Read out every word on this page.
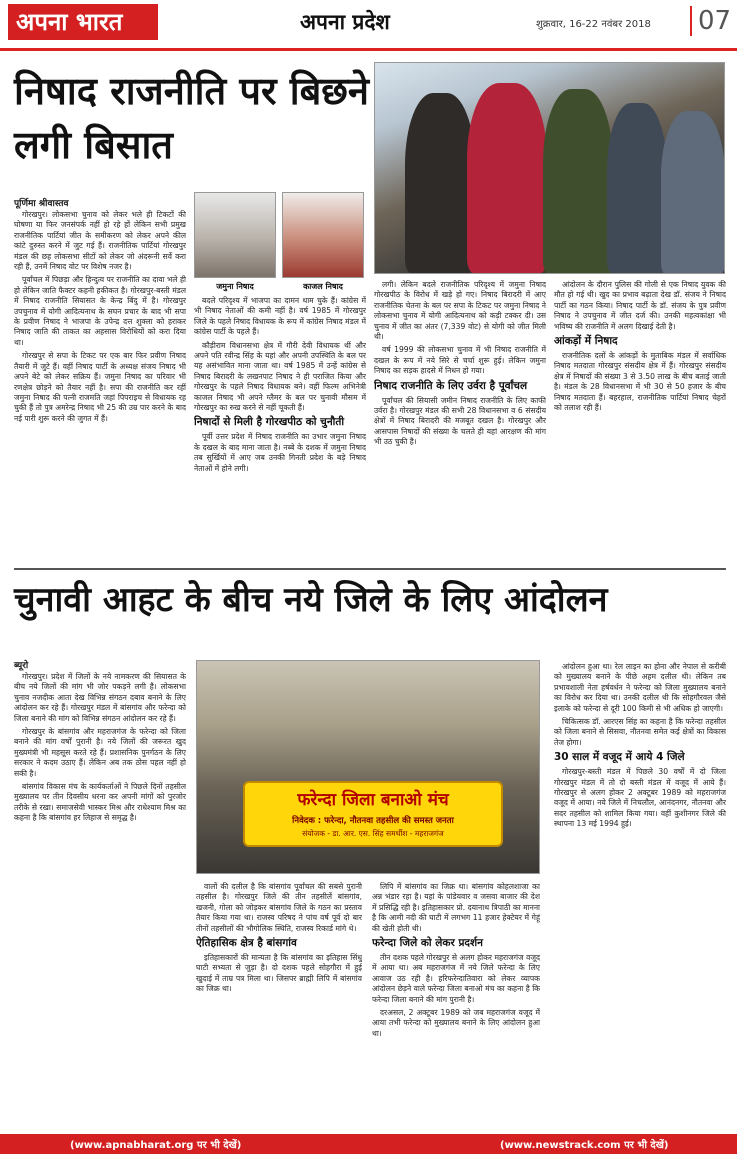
अपना भारत	अपना प्रदेश	शुक्रवार, 16-22 नवंबर 2018	07
निषाद राजनीति पर बिछने लगी बिसात
पूर्णिमा श्रीवास्तव
जमुना निषाद	काजल निषाद

गोरखपुर। लोकसभा चुनाव को लेकर भले ही टिकटों की घोषणा या फिर जनसंपर्क नहीं हो रहे हों लेकिन सभी प्रमुख राजनीतिक पार्टियां जीत के समीकरण को लेकर अपने कील कांटे दुरुस्त करने में जुट गई हैं। राजनीतिक पार्टियां गोरखपुर मंडल की छह लोकसभा सीटों को लेकर जो अंदरूनी सर्वे करा रही हैं, उनमें निषाद वोट पर विशेष नजर है।

पूर्वांचल में पिछड़ा और हिन्दुत्व पर राजनीति का दावा भले ही हो लेकिन जाति फैक्टर कहनी हकीकत है। गोरखपुर-बस्ती मंडल में निषाद राजनीति सियासत के केन्द्र बिंदु में है। गोरखपुर उपचुनाव में योगी आदित्यनाथ के सघन प्रचार के बाद भी सपा के प्रवीण निषाद ने भाजपा के उपेन्द्र दत्त शुक्ला को हराकर निषाद जाति की ताकत का अहसास विरोधियों को करा दिया था।

गोरखपुर से सपा के टिकट पर एक बार फिर प्रवीण निषाद तैयारी में जुटे हैं। वहीं निषाद पार्टी के अध्यक्ष संजय निषाद भी अपने बेटे को लेकर सक्रिय हैं। जमुना निषाद का परिवार भी रणक्षेत्र छोड़ने को तैयार नहीं है। सपा की राजनीति कर रहीं जमुना निषाद की पत्नी राजमति जहां पिपराइच से विधायक रह चुकी हैं तो पुत्र अमरेन्द्र निषाद भी 25 की उम्र पार करने के बाद नई पारी शुरू करने की जुगत में हैं।

बदले परिदृश्य में भाजपा का दामन थाम चुके हैं। कांग्रेस में भी निषाद नेताओं की कमी नहीं है। वर्ष 1985 में गोरखपुर जिले के पहले निषाद विधायक के रूप में कांग्रेस निषाद मंडल में कांग्रेस पार्टी के पहले हैं।

कौड़ीराम विधानसभा क्षेत्र में गौरी देवी विधायक थीं और अपने पति रवीन्द्र सिंह के यहां और अपनी उपस्थिति के बल पर यह असंभावित माना जाता था। वर्ष 1985 में उन्हें कांग्रेस से निषाद बिरादरी के लखनपाट निषाद ने ही पराजित किया और गोरखपुर के पहले निषाद विधायक बने। वहीं फिल्म अभिनेत्री काजल निषाद भी अपने ग्लैमर के बल पर चुनावी मौसम में गोरखपुर का रुख करने से नहीं चूकती हैं।

निषादों से मिली है गोरखपीठ को चुनौती

पूर्वी उत्तर प्रदेश में निषाद राजनीति का उभार जमुना निषाद के दखल के बाद माना जाता है। नब्बे के दशक में जमुना निषाद तब सुर्खियों में आए जब उनकी गिनती प्रदेश के बड़े निषाद नेताओं में होने लगी।

लगी। लेकिन बदले राजनीतिक परिदृश्य में जमुना निषाद गोरखपीठ के विरोध में खड़े हो गए। निषाद बिरादरी में आए राजनीतिक चेतना के बल पर सपा के टिकट पर जमुना निषाद ने लोकसभा चुनाव में योगी आदित्यनाथ को कड़ी टक्कर दी। उस चुनाव में जीत का अंतर (7,339 वोट) से योगी को जीत मिली थी।

वर्ष 1999 की लोकसभा चुनाव में भी निषाद राजनीति में दखल के रूप में नये सिरे से चर्चा शुरू हुई। लेकिन जमुना निषाद का सड़क हादसे में निधन हो गया।

निषाद राजनीति के लिए उर्वरा है पूर्वांचल

पूर्वांचल की सियासी जमीन निषाद राजनीति के लिए काफी उर्वरा है। गोरखपुर मंडल की सभी 28 विधानसभा व 6 संसदीय क्षेत्रों में निषाद बिरादरी की मजबूत दखल है। गोरखपुर और आसपास निषादों की संख्या के चलते ही यहां आरक्षण की मांग भी उठ चुकी है।

आंदोलन के दौरान पुलिस की गोली से एक निषाद युवक की मौत हो गई थी। खुद का प्रभाव बढ़ाता देख डॉ. संजय ने निषाद पार्टी का गठन किया। निषाद पार्टी के डॉ. संजय के पुत्र प्रवीण निषाद ने उपचुनाव में जीत दर्ज की। उनकी महत्वकांक्षा भी भविष्य की राजनीति में अलग दिखाई देती है।

आंकड़ों में निषाद

राजनीतिक दलों के आंकड़ों के मुताबिक मंडल में सर्वाधिक निषाद मतदाता गोरखपुर संसदीय क्षेत्र में हैं। गोरखपुर संसदीय क्षेत्र में निषादों की संख्या 3 से 3.50 लाख के बीच बताई जाती है। मंडल के 28 विधानसभा में भी 30 से 50 हजार के बीच निषाद मतदाता हैं। बहरहाल, राजनीतिक पार्टियां निषाद चेहरों को तलाश रही हैं।

चुनावी आहट के बीच नये जिले के लिए आंदोलन
ब्यूरो
फरेन्दा जिला बनाओ मंच
निवेदक : फरेन्दा, नौतनवा तहसील की समस्त जनता
संयोजक - डा. आर. एस. सिंह समर्थीश - महराजगंज

गोरखपुर। प्रदेश में जिलों के नये नामकरण की सियासत के बीच नये जिलों की मांग भी जोर पकड़ने लगी है। लोकसभा चुनाव नजदीक आता देख विभिन्न संगठन दबाव बनाने के लिए आंदोलन कर रहे हैं। गोरखपुर मंडल में बांसगांव और फरेन्दा को जिला बनाने की मांग को विभिन्न संगठन आंदोलन कर रहे हैं।

गोरखपुर के बांसगांव और महराजगंज के फरेन्दा को जिला बनाने की मांग वर्षों पुरानी है। नये जिलों की जरूरत खुद मुख्यमंत्री भी महसूस करते रहे हैं। प्रशासनिक पुनर्गठन के लिए सरकार ने कदम उठाए हैं। लेकिन अब तक ठोस पहल नहीं हो सकी है।

बांसगांव विकास मंच के कार्यकर्ताओं ने पिछले दिनों तहसील मुख्यालय पर तीन दिवसीय धरना कर अपनी मांगों को पुरजोर तरीके से रखा। समाजसेवी भास्कर मिश्र और राधेश्याम मिश्र का कहना है कि बांसगांव हर लिहाज से समृद्ध है।

वालों की दलील है कि बांसगांव पूर्वांचल की सबसे पुरानी तहसील है। गोरखपुर जिले की तीन तहसीलें बांसगांव, खजनी, गोला को जोड़कर बांसगांव जिले के गठन का प्रस्ताव तैयार किया गया था। राजस्व परिषद ने पांच वर्ष पूर्व दो बार तीनों तहसीलों की भौगोलिक स्थिति, राजस्व रिकार्ड मांगे थे।

ऐतिहासिक क्षेत्र है बांसगांव

इतिहासकारों की मान्यता है कि बांसगांव का इतिहास सिंधु घाटी सभ्यता से जुड़ा है। दो दशक पहले सोहगौरा में हुई खुदाई में ताम्र पत्र मिला था। जिसपर ब्राह्मी लिपि में बांसगांव का जिक्र था।

लिपि में बांसगांव का जिक्र था। बांसगांव कोहलशाजा का अन्न भंडार रहा है। यहां के पांडेयवार व जसवा बाजार की देश में प्रसिद्धि रही है। इतिहासकार प्रो. दयानाथ त्रिपाठी का मानना है कि आमी नदी की घाटी में लगभग 11 हजार हेक्टेयर में गेहूं की खेती होती थी।

फरेन्दा जिले को लेकर प्रदर्शन

तीन दशक पहले गोरखपुर से अलग होकर महराजगंज वजूद में आया था। अब महराजगंज में नये जिले फरेन्दा के लिए आवाज उठ रही है। हरिफरेन्दातिवारा को लेकर व्यापक आंदोलन छेड़ने वाले फरेन्दा जिला बनाओ मंच का कहना है कि फरेन्दा जिला बनाने की मांग पुरानी है।

दरअसल, 2 अक्टूबर 1989 को जब महराजगंज वजूद में आया तभी फरेन्दा को मुख्यालय बनाने के लिए आंदोलन हुआ था।

आंदोलन हुआ था। रेल लाइन का होना और नेपाल से करीबी को मुख्यालय बनाने के पीछे अहम दलील थी। लेकिन तब प्रभावशाली नेता हर्षवर्धन ने फरेन्दा को जिला मुख्यालय बनाने का विरोध कर दिया था। उनकी दलील थी कि सोहगौरवल जैसे इलाके को फरेन्दा से दूरी 100 किमी से भी अधिक हो जाएगी।

चिकित्सक डॉ. आरएस सिंह का कहना है कि फरेन्दा तहसील को जिला बनाने से सिसवा, नौतनवा समेत कई क्षेत्रों का विकास तेज होगा।

30 साल में वजूद में आये 4 जिले

गोरखपुर-बस्ती मंडल में पिछले 30 वर्षों में दो जिला गोरखपुर मंडल में तो दो बस्ती मंडल में वजूद में आये हैं। गोरखपुर से अलग होकर 2 अक्टूबर 1989 को महराजगंज वजूद में आया। नये जिले में निचलौल, आनंदनगर, नौतनवा और सदर तहसील को शामिल किया गया। वहीं कुशीनगर जिले की स्थापना 13 मई 1994 हुई।

(www.apnabharat.org पर भी देखें)	(www.newstrack.com पर भी देखें)
